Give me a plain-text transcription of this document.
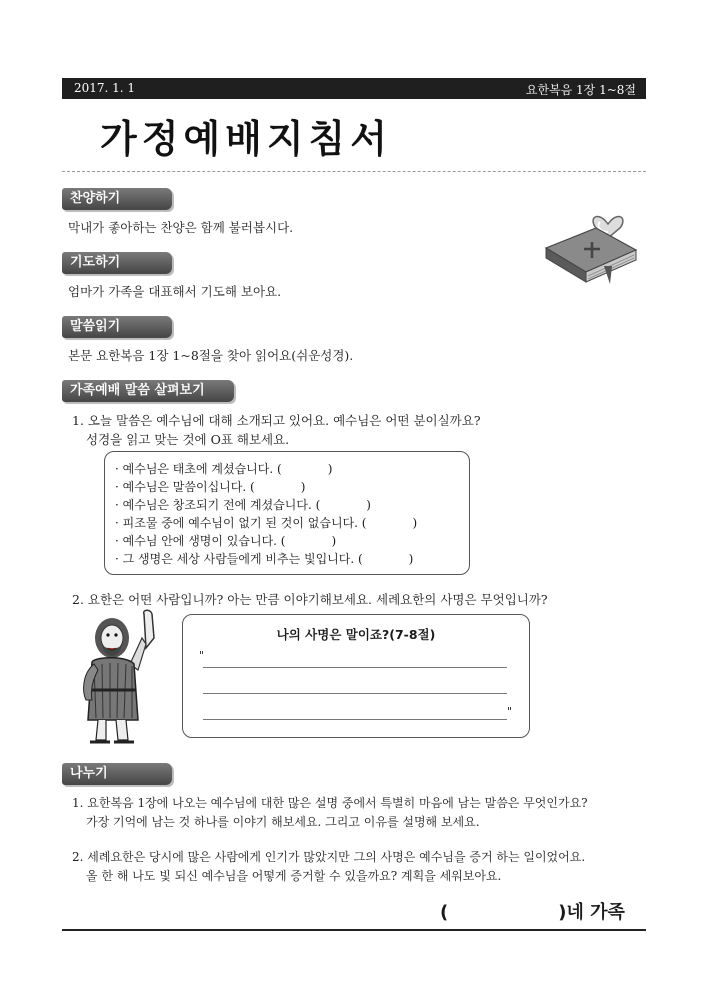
2017. 1. 1	요한복음 1장 1~8절
가정예배지침서
찬양하기
막내가 좋아하는 찬양은 함께 불러봅시다.
기도하기
엄마가 가족을 대표해서 기도해 보아요.
말씀읽기
본문 요한복음 1장 1~8절을 찾아 읽어요(쉬운성경).
가족예배 말씀 살펴보기
1. 오늘 말씀은 예수님에 대해 소개되고 있어요. 예수님은 어떤 분이실까요?
성경을 읽고 맞는 것에 O표 해보세요.
· 예수님은 태초에 계셨습니다. (	)
· 예수님은 말씀이십니다. (	)
· 예수님은 창조되기 전에 계셨습니다. (	)
· 피조물 중에 예수님이 없기 된 것이 없습니다. (	)
· 예수님 안에 생명이 있습니다. (	)
· 그 생명은 세상 사람들에게 비추는 빛입니다. (	)
2. 요한은 어떤 사람입니까? 아는 만큼 이야기해보세요. 세례요한의 사명은 무엇입니까?
나의 사명은 말이죠?(7-8절)
"
"
나누기
1. 요한복음 1장에 나오는 예수님에 대한 많은 설명 중에서 특별히 마음에 남는 말씀은 무엇인가요?
가장 기억에 남는 것 하나를 이야기 해보세요. 그리고 이유를 설명해 보세요.
2. 세례요한은 당시에 많은 사람에게 인기가 많았지만 그의 사명은 예수님을 증거 하는 일이었어요.
올 한 해 나도 빛 되신 예수님을 어떻게 증거할 수 있을까요? 계획을 세워보아요.
(	)네 가족
